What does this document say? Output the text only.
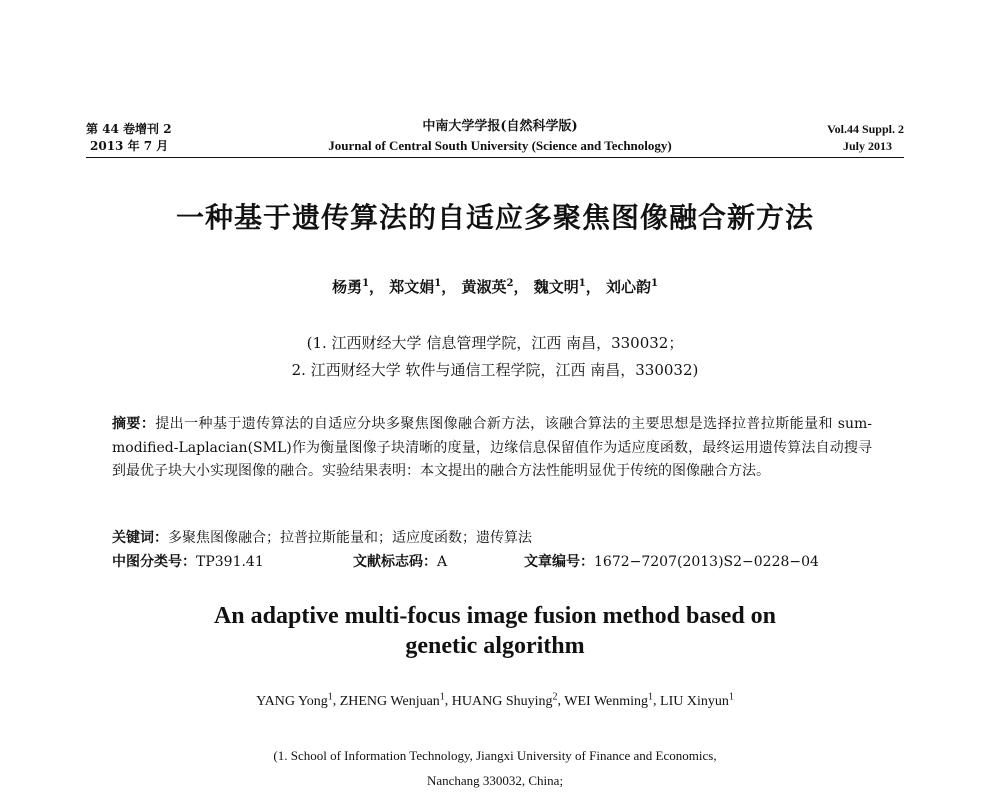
第 44 卷增刊 2
2013 年 7 月
中南大学学报(自然科学版)
Journal of Central South University (Science and Technology)
Vol.44 Suppl. 2
July 2013
一种基于遗传算法的自适应多聚焦图像融合新方法
杨勇$^1$， 郑文娟$^1$， 黄淑英$^2$， 魏文明$^1$， 刘心韵$^1$
(1. 江西财经大学 信息管理学院，江西 南昌，330032；
2. 江西财经大学 软件与通信工程学院，江西 南昌，330032)
摘要：提出一种基于遗传算法的自适应分块多聚焦图像融合新方法，该融合算法的主要思想是选择拉普拉斯能量和 sum-modified-Laplacian(SML)作为衡量图像子块清晰的度量，边缘信息保留值作为适应度函数，最终运用遗传算法自动搜寻到最优子块大小实现图像的融合。实验结果表明：本文提出的融合方法性能明显优于传统的图像融合方法。
关键词：多聚焦图像融合；拉普拉斯能量和；适应度函数；遗传算法
中图分类号：TP391.41	文献标志码：A	文章编号：1672−7207(2013)S2−0228−04
An adaptive multi-focus image fusion method based on
genetic algorithm
YANG Yong$^1$, ZHENG Wenjuan$^1$, HUANG Shuying$^2$, WEI Wenming$^1$, LIU Xinyun$^1$
(1. School of Information Technology, Jiangxi University of Finance and Economics,
Nanchang 330032, China;
